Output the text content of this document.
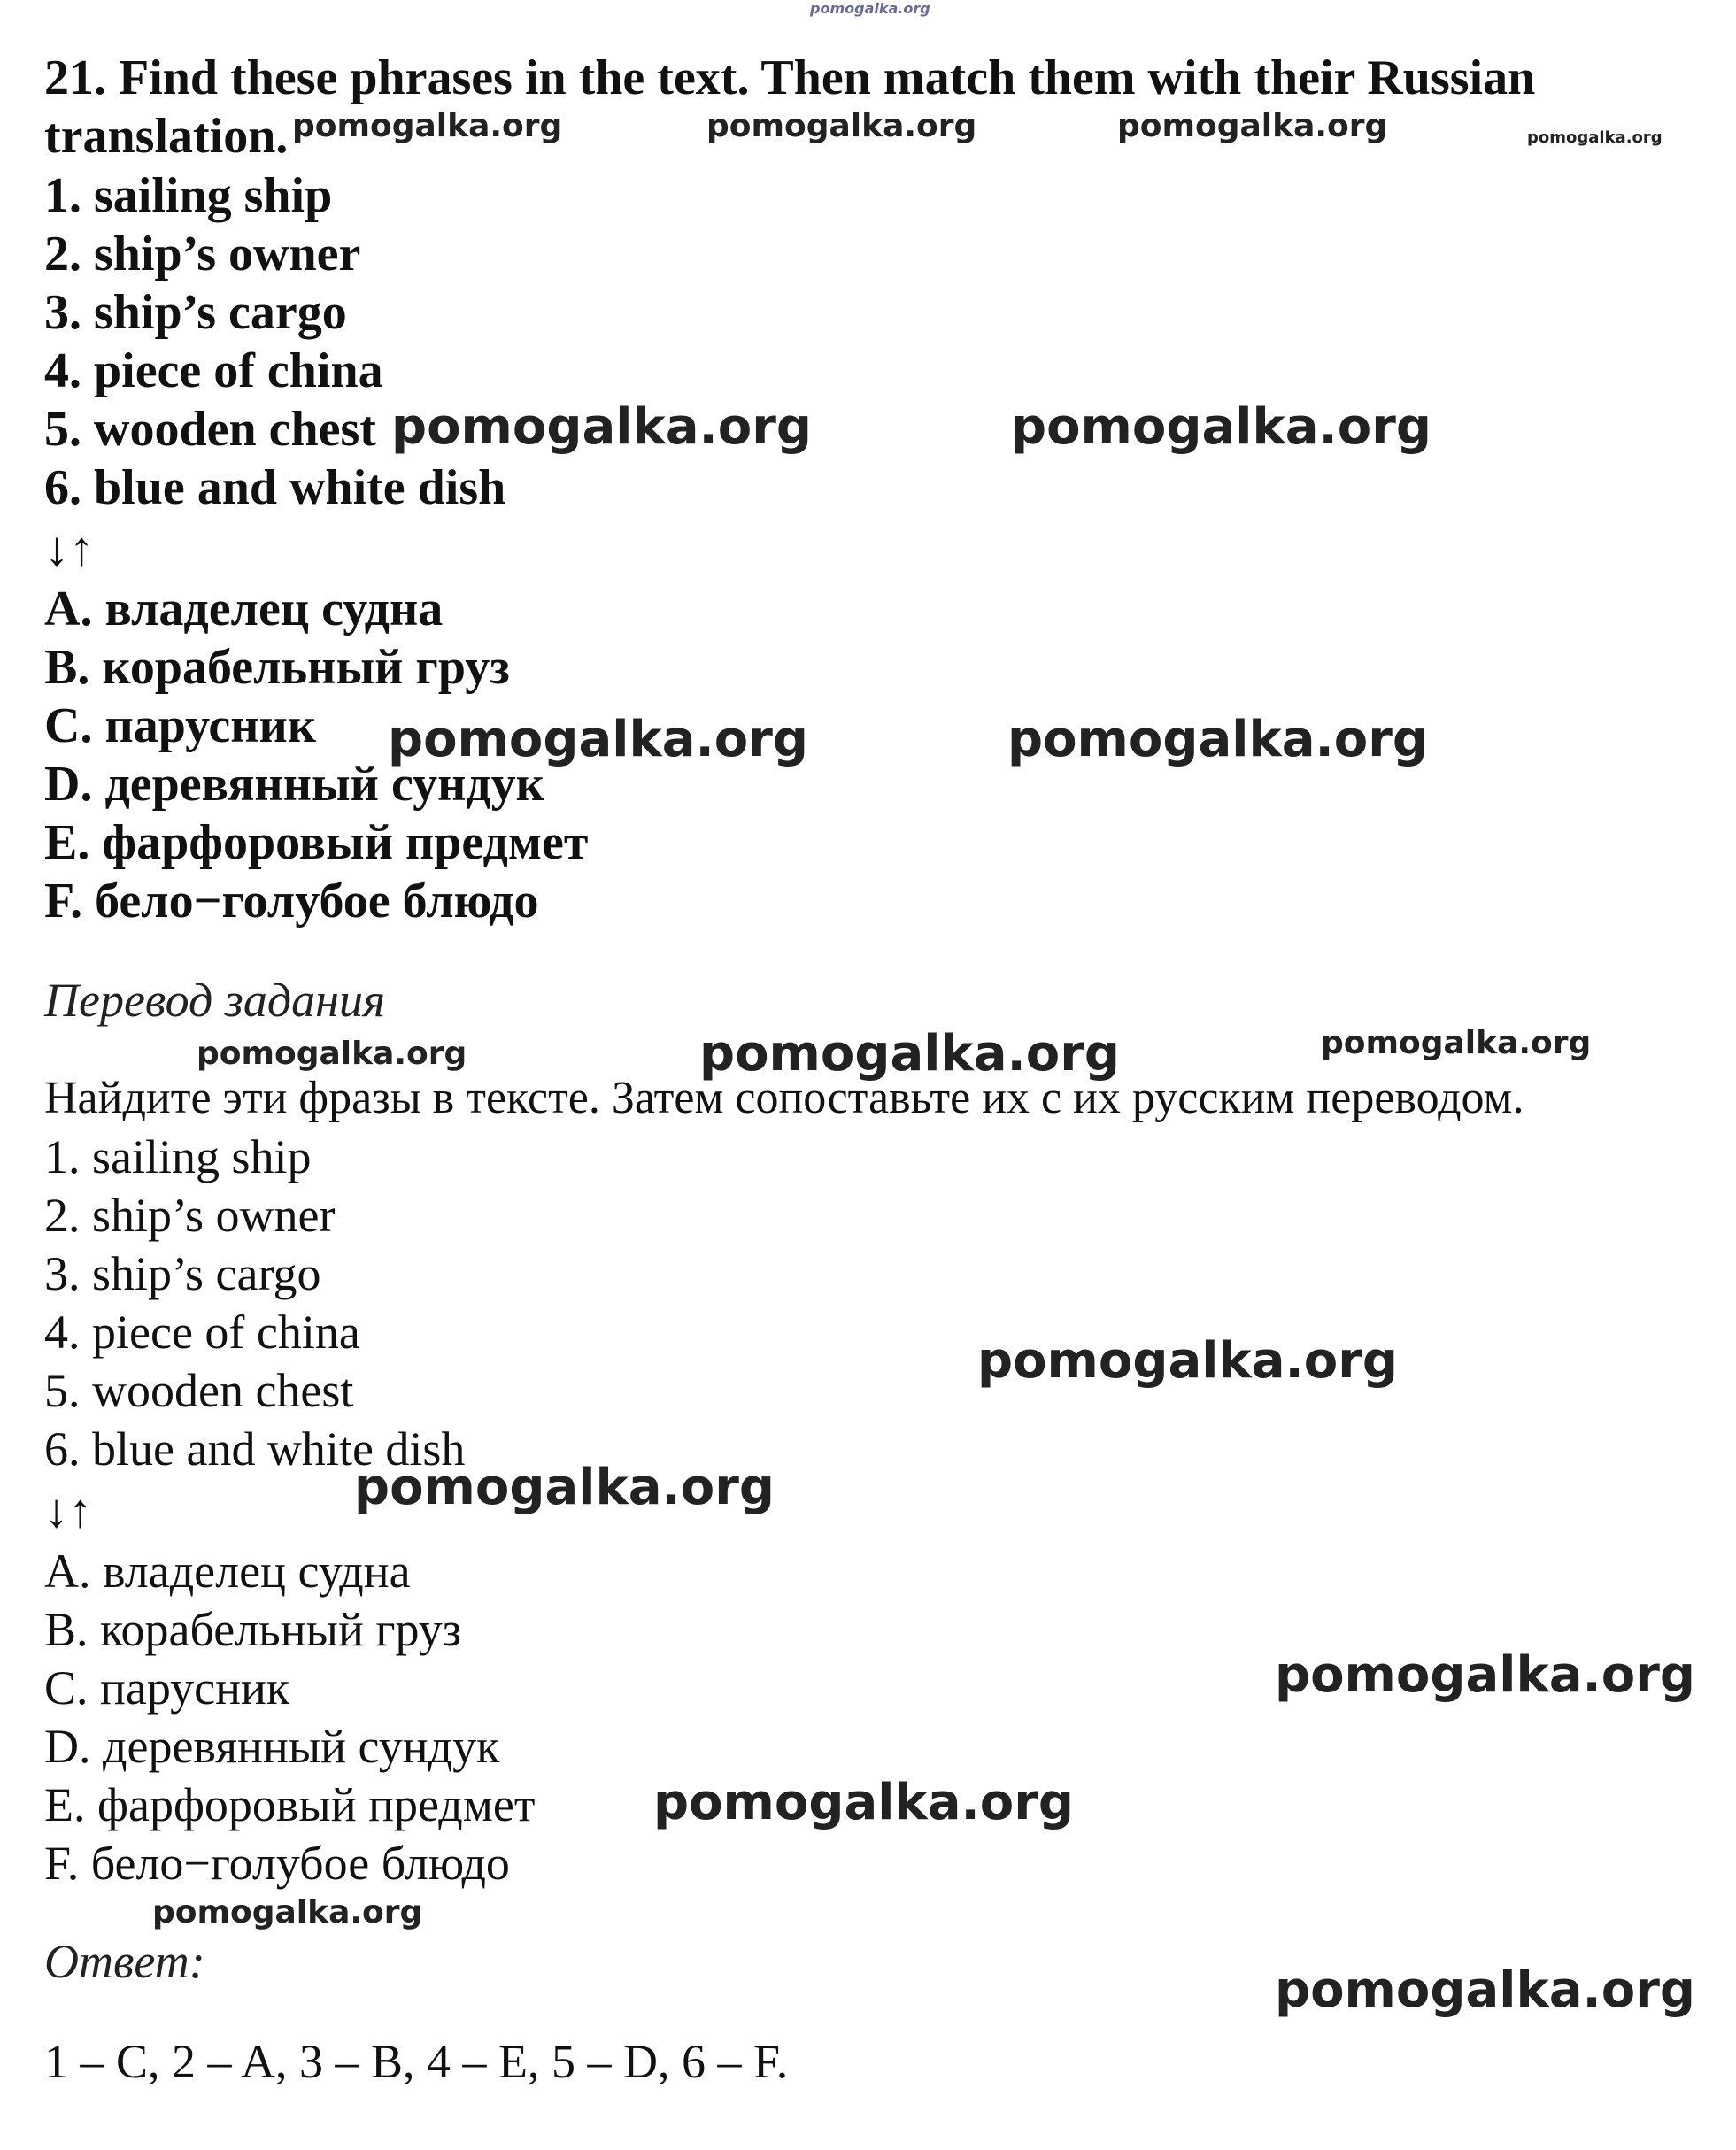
pomogalka.org
21. Find these phrases in the text. Then match them with their Russian
translation.
1. sailing ship
2. ship’s owner
3. ship’s cargo
4. piece of china
5. wooden chest
6. blue and white dish
↓↑
A. владелец судна
B. корабельный груз
C. парусник
D. деревянный сундук
E. фарфоровый предмет
F. бело−голубое блюдо
Перевод задания
Найдите эти фразы в тексте. Затем сопоставьте их с их русским переводом.
1. sailing ship
2. ship’s owner
3. ship’s cargo
4. piece of china
5. wooden chest
6. blue and white dish
↓↑
A. владелец судна
B. корабельный груз
C. парусник
D. деревянный сундук
E. фарфоровый предмет
F. бело−голубое блюдо
Ответ:
1 – C, 2 – A, 3 – B, 4 – E, 5 – D, 6 – F.
pomogalka.org	pomogalka.org	pomogalka.org	pomogalka.org
pomogalka.org	pomogalka.org
pomogalka.org	pomogalka.org
pomogalka.org	pomogalka.org	pomogalka.org
pomogalka.org
pomogalka.org
pomogalka.org
pomogalka.org
pomogalka.org
pomogalka.org
